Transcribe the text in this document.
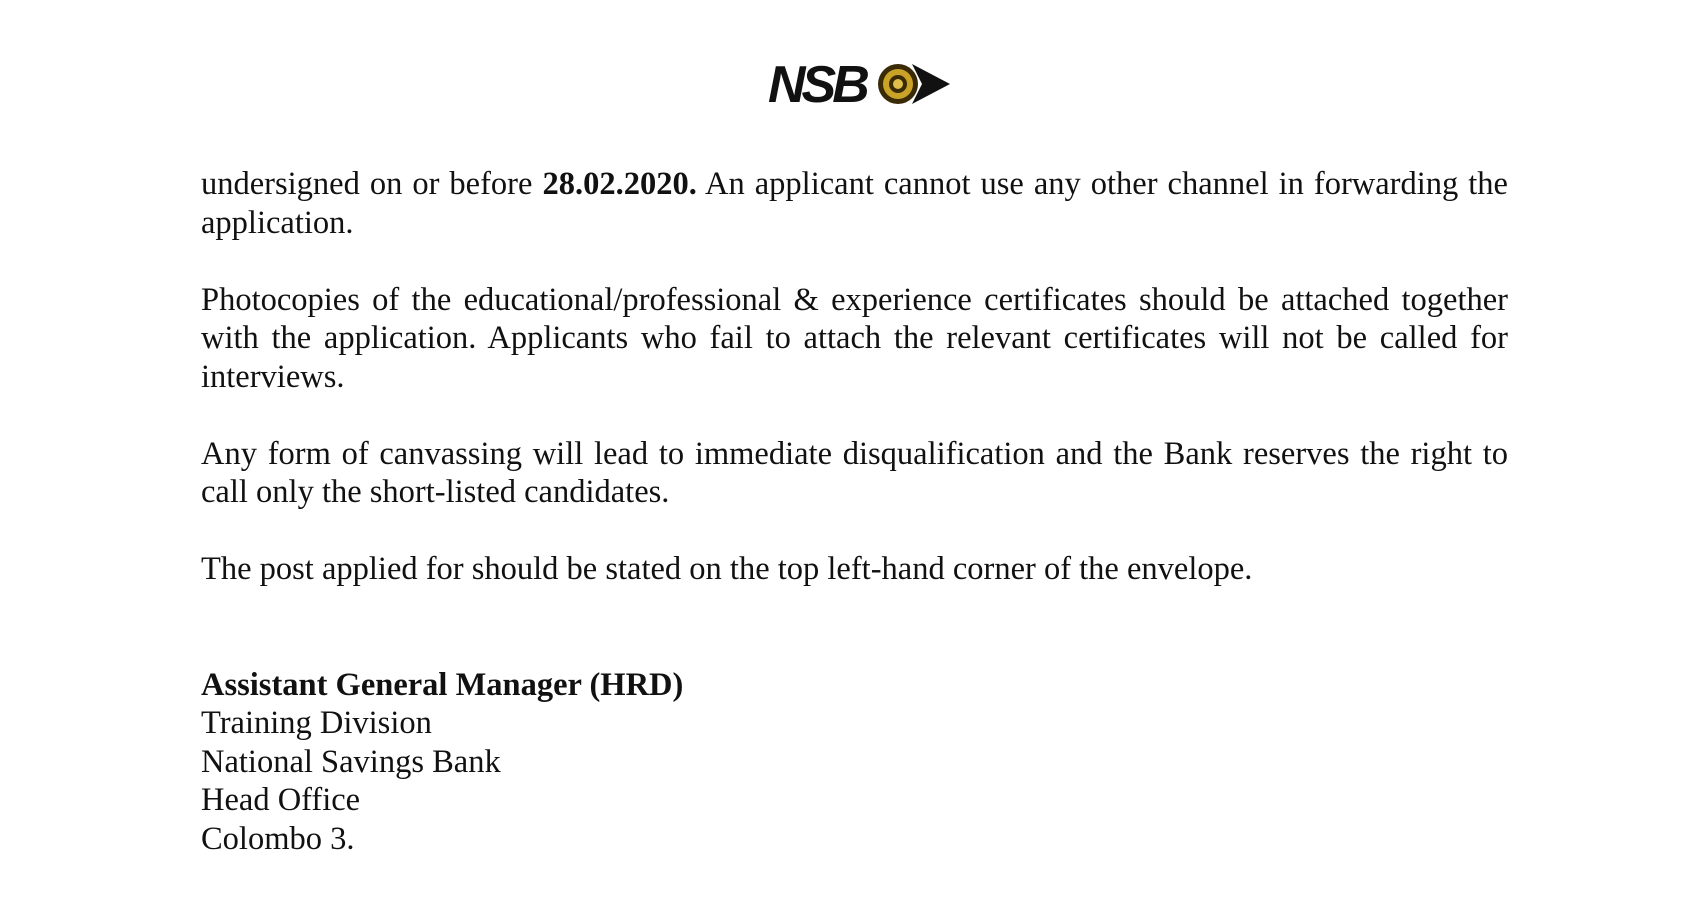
NSB

undersigned on or before 28.02.2020. An applicant cannot use any other channel in forwarding the application.

Photocopies of the educational/professional & experience certificates should be attached together with the application. Applicants who fail to attach the relevant certificates will not be called for interviews.

Any form of canvassing will lead to immediate disqualification and the Bank reserves the right to call only the short-listed candidates.

The post applied for should be stated on the top left-hand corner of the envelope.

Assistant General Manager (HRD)
Training Division
National Savings Bank
Head Office
Colombo 3.
